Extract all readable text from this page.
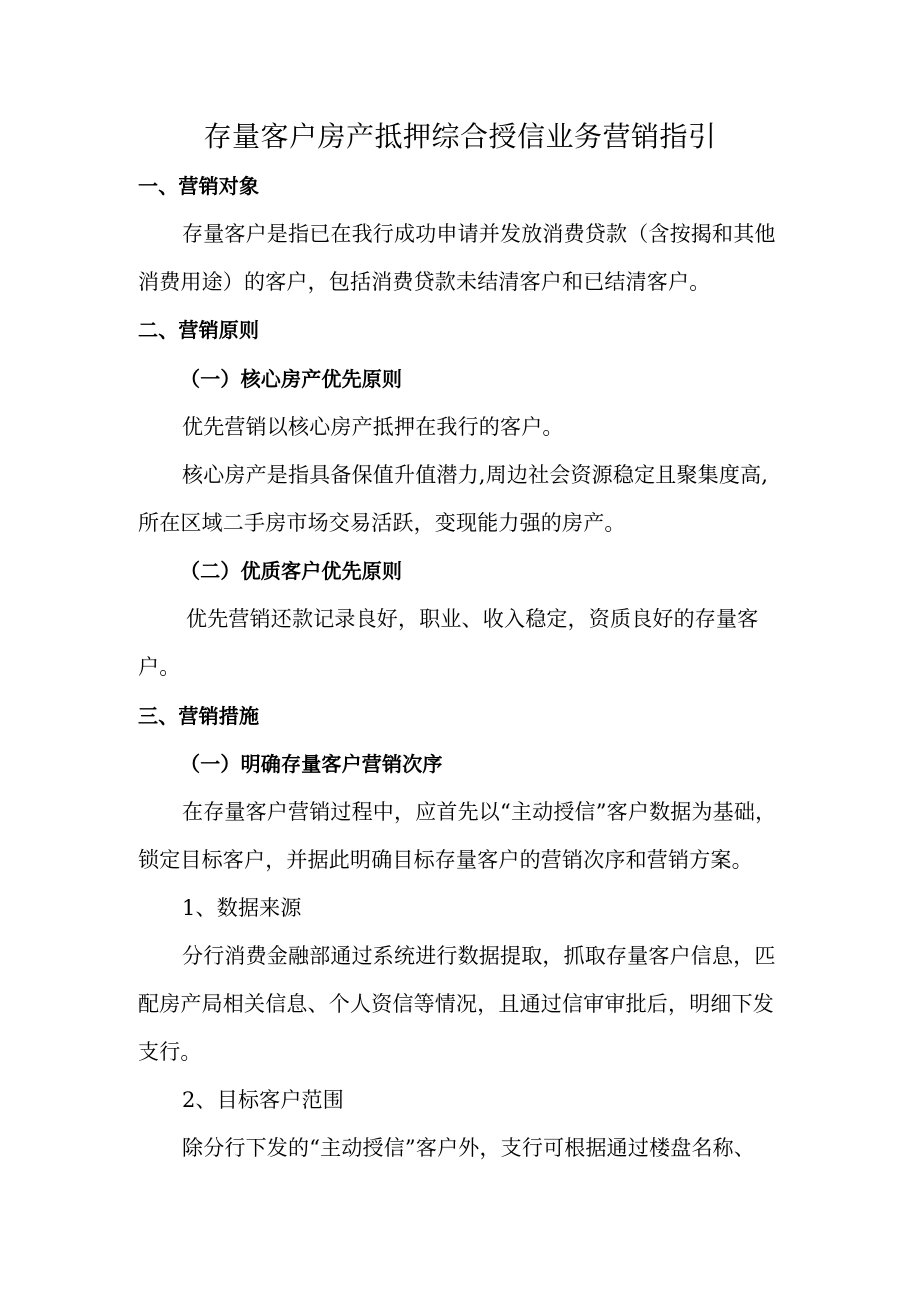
存量客户房产抵押综合授信业务营销指引
一、营销对象
存量客户是指已在我行成功申请并发放消费贷款（含按揭和其他
消费用途）的客户，包括消费贷款未结清客户和已结清客户。
二、营销原则
（一）核心房产优先原则
优先营销以核心房产抵押在我行的客户。
核心房产是指具备保值升值潜力,周边社会资源稳定且聚集度高,
所在区域二手房市场交易活跃，变现能力强的房产。
（二）优质客户优先原则
优先营销还款记录良好，职业、收入稳定，资质良好的存量客
户。
三、营销措施
（一）明确存量客户营销次序
在存量客户营销过程中，应首先以“主动授信”客户数据为基础，
锁定目标客户，并据此明确目标存量客户的营销次序和营销方案。
1、数据来源
分行消费金融部通过系统进行数据提取，抓取存量客户信息，匹
配房产局相关信息、个人资信等情况，且通过信审审批后，明细下发
支行。
2、目标客户范围
除分行下发的“主动授信”客户外，支行可根据通过楼盘名称、
